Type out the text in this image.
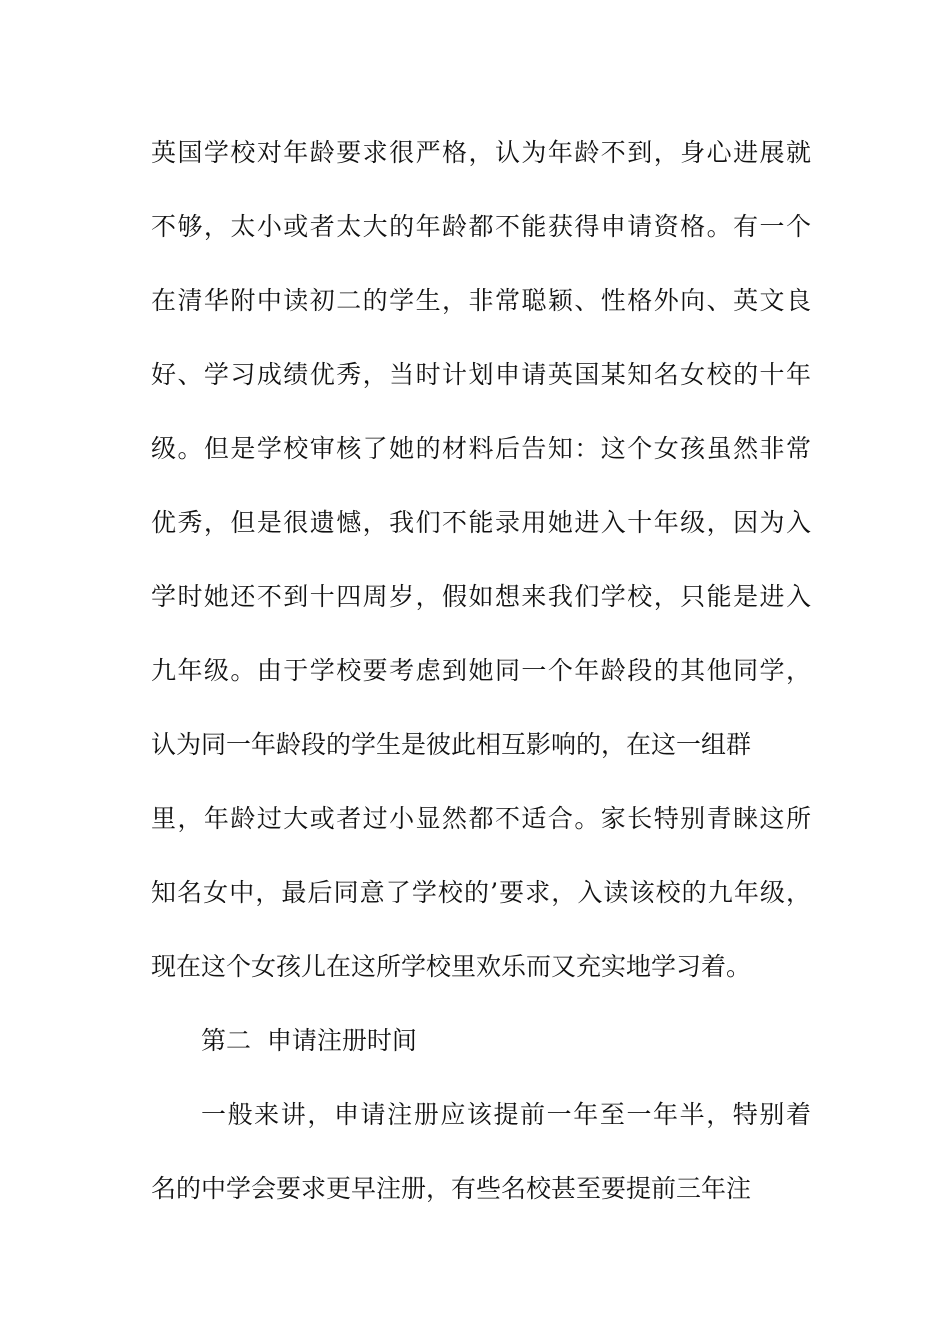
英国学校对年龄要求很严格，认为年龄不到，身心进展就
不够，太小或者太大的年龄都不能获得申请资格。有一个
在清华附中读初二的学生，非常聪颖、性格外向、英文良
好、学习成绩优秀，当时计划申请英国某知名女校的十年
级。但是学校审核了她的材料后告知：这个女孩虽然非常
优秀，但是很遗憾，我们不能录用她进入十年级，因为入
学时她还不到十四周岁，假如想来我们学校，只能是进入
九年级。由于学校要考虑到她同一个年龄段的其他同学，
认为同一年龄段的学生是彼此相互影响的，在这一组群
里，年龄过大或者过小显然都不适合。家长特别青睐这所
知名女中，最后同意了学校的’要求，入读该校的九年级，
现在这个女孩儿在这所学校里欢乐而又充实地学习着。
第二  申请注册时间
一般来讲，申请注册应该提前一年至一年半，特别着
名的中学会要求更早注册，有些名校甚至要提前三年注
